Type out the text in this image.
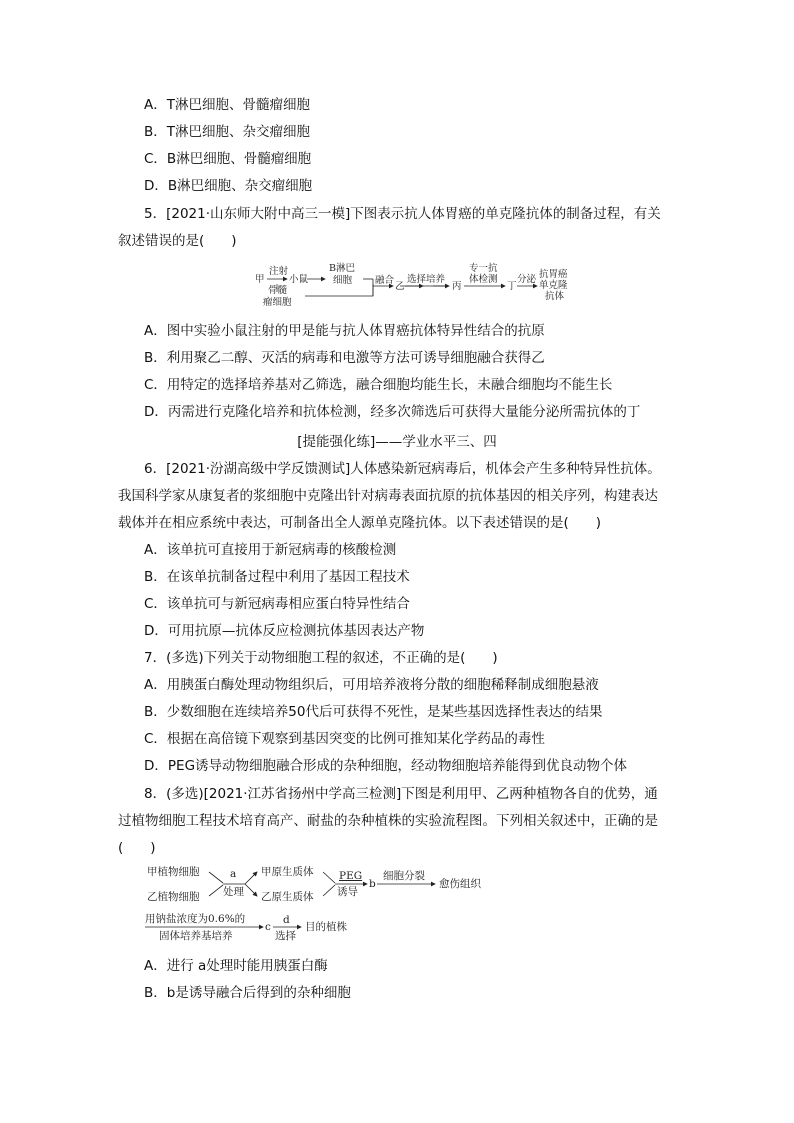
A．T淋巴细胞、骨髓瘤细胞
B．T淋巴细胞、杂交瘤细胞
C．B淋巴细胞、骨髓瘤细胞
D．B淋巴细胞、杂交瘤细胞
5．[2021·山东师大附中高三一模]下图表示抗人体胃癌的单克隆抗体的制备过程，有关
叙述错误的是(　　)
甲
注射
小鼠
骨髓
瘤细胞
B淋巴
细胞 融合
乙
选择培养
丙
专一抗
体检测
丁
分泌 抗胃癌
单克隆
抗体
A．图中实验小鼠注射的甲是能与抗人体胃癌抗体特异性结合的抗原
B．利用聚乙二醇、灭活的病毒和电激等方法可诱导细胞融合获得乙
C．用特定的选择培养基对乙筛选，融合细胞均能生长，未融合细胞均不能生长
D．丙需进行克隆化培养和抗体检测，经多次筛选后可获得大量能分泌所需抗体的丁
[提能强化练]——学业水平三、四
6．[2021·汾湖高级中学反馈测试]人体感染新冠病毒后，机体会产生多种特异性抗体。
我国科学家从康复者的浆细胞中克隆出针对病毒表面抗原的抗体基因的相关序列，构建表达
载体并在相应系统中表达，可制备出全人源单克隆抗体。以下表述错误的是(　　)
A．该单抗可直接用于新冠病毒的核酸检测
B．在该单抗制备过程中利用了基因工程技术
C．该单抗可与新冠病毒相应蛋白特异性结合
D．可用抗原—抗体反应检测抗体基因表达产物
7．(多选)下列关于动物细胞工程的叙述，不正确的是(　　)
A．用胰蛋白酶处理动物组织后，可用培养液将分散的细胞稀释制成细胞悬液
B．少数细胞在连续培养50代后可获得不死性，是某些基因选择性表达的结果
C．根据在高倍镜下观察到基因突变的比例可推知某化学药品的毒性
D．PEG诱导动物细胞融合形成的杂种细胞，经动物细胞培养能得到优良动物个体
8．(多选)[2021·江苏省扬州中学高三检测]下图是利用甲、乙两种植物各自的优势，通
过植物细胞工程技术培育高产、耐盐的杂种植株的实验流程图。下列相关叙述中，正确的是
(　　)
甲植物细胞
乙植物细胞
a
处理
甲原生质体
乙原生质体
PEG
诱导
b
细胞分裂
愈伤组织
用钠盐浓度为0.6%的
固体培养基培养
c
d
选择
目的植株
A．进行 a处理时能用胰蛋白酶
B．b是诱导融合后得到的杂种细胞
